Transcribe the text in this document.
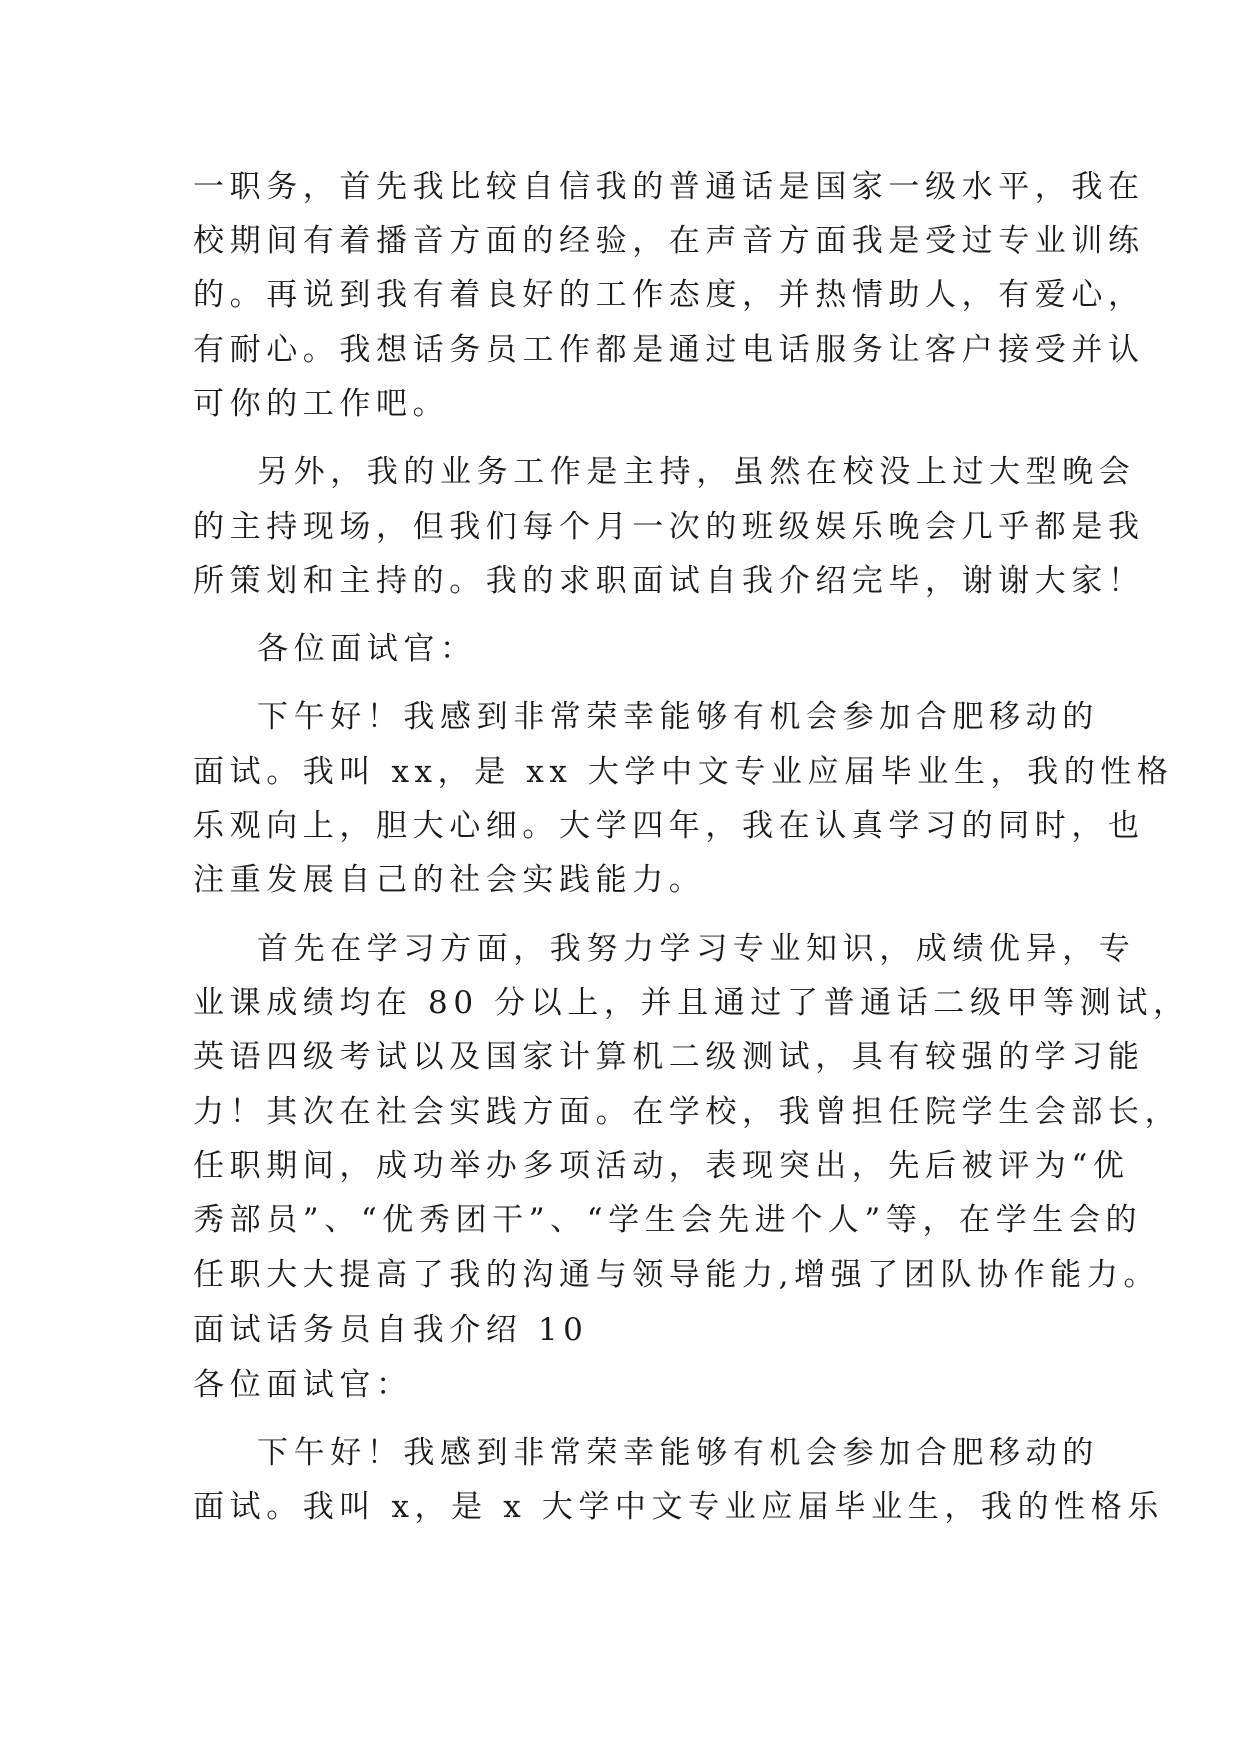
一职务，首先我比较自信我的普通话是国家一级水平，我在
校期间有着播音方面的经验，在声音方面我是受过专业训练
的。再说到我有着良好的工作态度，并热情助人，有爱心，
有耐心。我想话务员工作都是通过电话服务让客户接受并认
可你的工作吧。
另外，我的业务工作是主持，虽然在校没上过大型晚会
的主持现场，但我们每个月一次的班级娱乐晚会几乎都是我
所策划和主持的。我的求职面试自我介绍完毕，谢谢大家！
各位面试官：
下午好！我感到非常荣幸能够有机会参加合肥移动的
面试。我叫 xx，是 xx 大学中文专业应届毕业生，我的性格
乐观向上，胆大心细。大学四年，我在认真学习的同时，也
注重发展自己的社会实践能力。
首先在学习方面，我努力学习专业知识，成绩优异，专
业课成绩均在 80 分以上，并且通过了普通话二级甲等测试，
英语四级考试以及国家计算机二级测试，具有较强的学习能
力！其次在社会实践方面。在学校，我曾担任院学生会部长，
任职期间，成功举办多项活动，表现突出，先后被评为“优
秀部员”、“优秀团干”、“学生会先进个人”等，在学生会的
任职大大提高了我的沟通与领导能力,增强了团队协作能力。
面试话务员自我介绍 10
各位面试官：
下午好！我感到非常荣幸能够有机会参加合肥移动的
面试。我叫 x，是 x 大学中文专业应届毕业生，我的性格乐
